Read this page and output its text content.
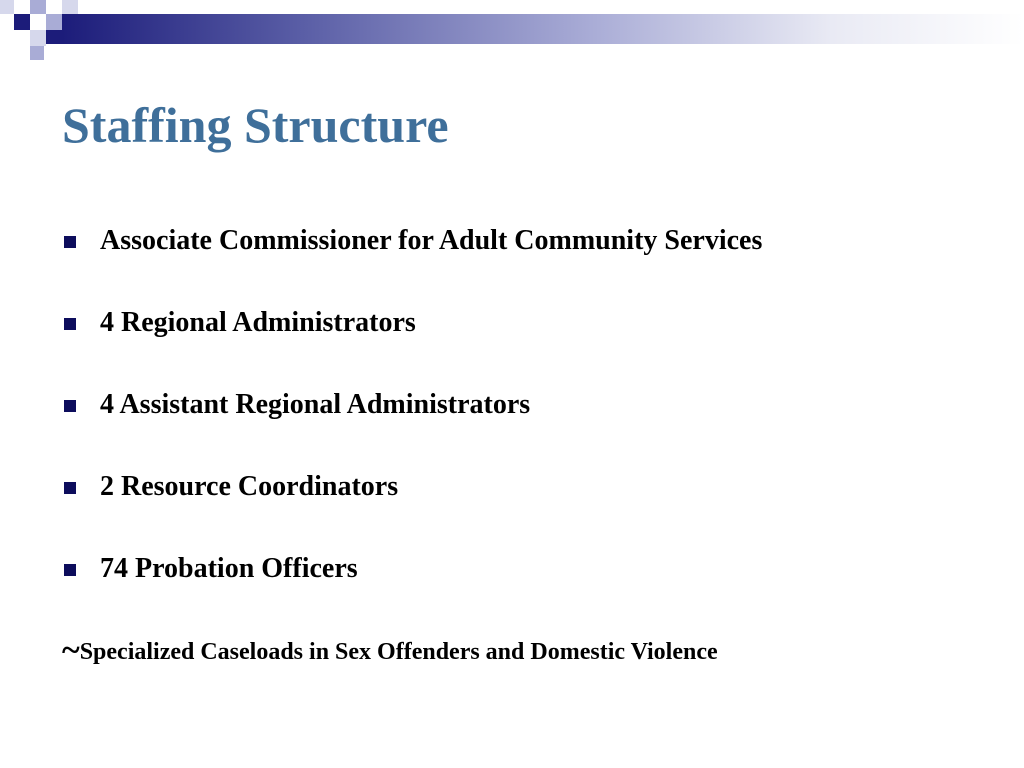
Staffing Structure
Associate Commissioner for Adult Community Services
4 Regional Administrators
4 Assistant Regional Administrators
2 Resource Coordinators
74 Probation Officers
~Specialized Caseloads in Sex Offenders and Domestic Violence
